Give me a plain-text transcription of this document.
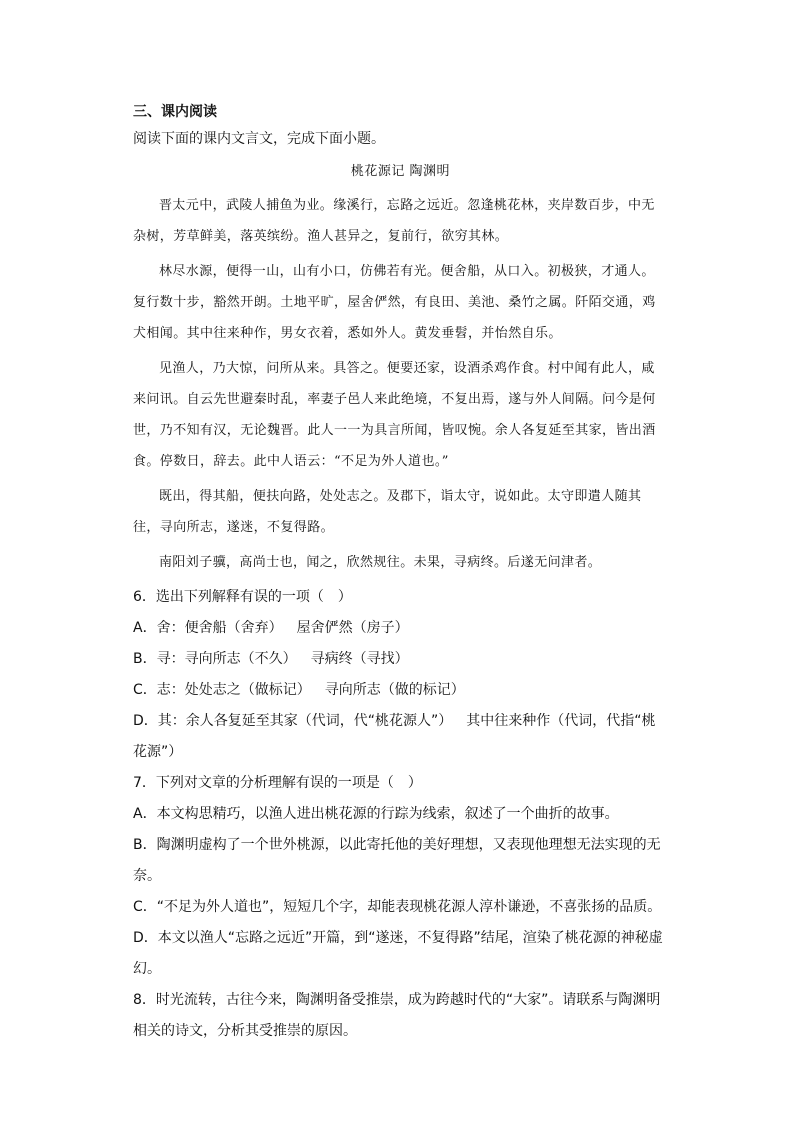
三、课内阅读
阅读下面的课内文言文，完成下面小题。
桃花源记 陶渊明

晋太元中，武陵人捕鱼为业。缘溪行，忘路之远近。忽逢桃花林，夹岸数百步，中无杂树，芳草鲜美，落英缤纷。渔人甚异之，复前行，欲穷其林。

林尽水源，便得一山，山有小口，仿佛若有光。便舍船，从口入。初极狭，才通人。复行数十步，豁然开朗。土地平旷，屋舍俨然，有良田、美池、桑竹之属。阡陌交通，鸡犬相闻。其中往来种作，男女衣着，悉如外人。黄发垂髫，并怡然自乐。

见渔人，乃大惊，问所从来。具答之。便要还家，设酒杀鸡作食。村中闻有此人，咸来问讯。自云先世避秦时乱，率妻子邑人来此绝境，不复出焉，遂与外人间隔。问今是何世，乃不知有汉，无论魏晋。此人一一为具言所闻，皆叹惋。余人各复延至其家，皆出酒食。停数日，辞去。此中人语云：“不足为外人道也。”

既出，得其船，便扶向路，处处志之。及郡下，诣太守，说如此。太守即遣人随其往，寻向所志，遂迷，不复得路。

南阳刘子骥，高尚士也，闻之，欣然规往。未果，寻病终。后遂无问津者。

6．选出下列解释有误的一项（　）
A．舍：便舍船（舍弃） 屋舍俨然（房子）
B．寻：寻向所志（不久） 寻病终（寻找）
C．志：处处志之（做标记） 寻向所志（做的标记）
D．其：余人各复延至其家（代词，代“桃花源人”） 其中往来种作（代词，代指“桃花源”）
7．下列对文章的分析理解有误的一项是（　）
A．本文构思精巧，以渔人进出桃花源的行踪为线索，叙述了一个曲折的故事。
B．陶渊明虚构了一个世外桃源，以此寄托他的美好理想，又表现他理想无法实现的无奈。
C．“不足为外人道也”，短短几个字，却能表现桃花源人淳朴谦逊，不喜张扬的品质。
D．本文以渔人“忘路之远近”开篇，到“遂迷，不复得路”结尾，渲染了桃花源的神秘虚幻。
8．时光流转，古往今来，陶渊明备受推崇，成为跨越时代的“大家”。请联系与陶渊明相关的诗文，分析其受推崇的原因。
